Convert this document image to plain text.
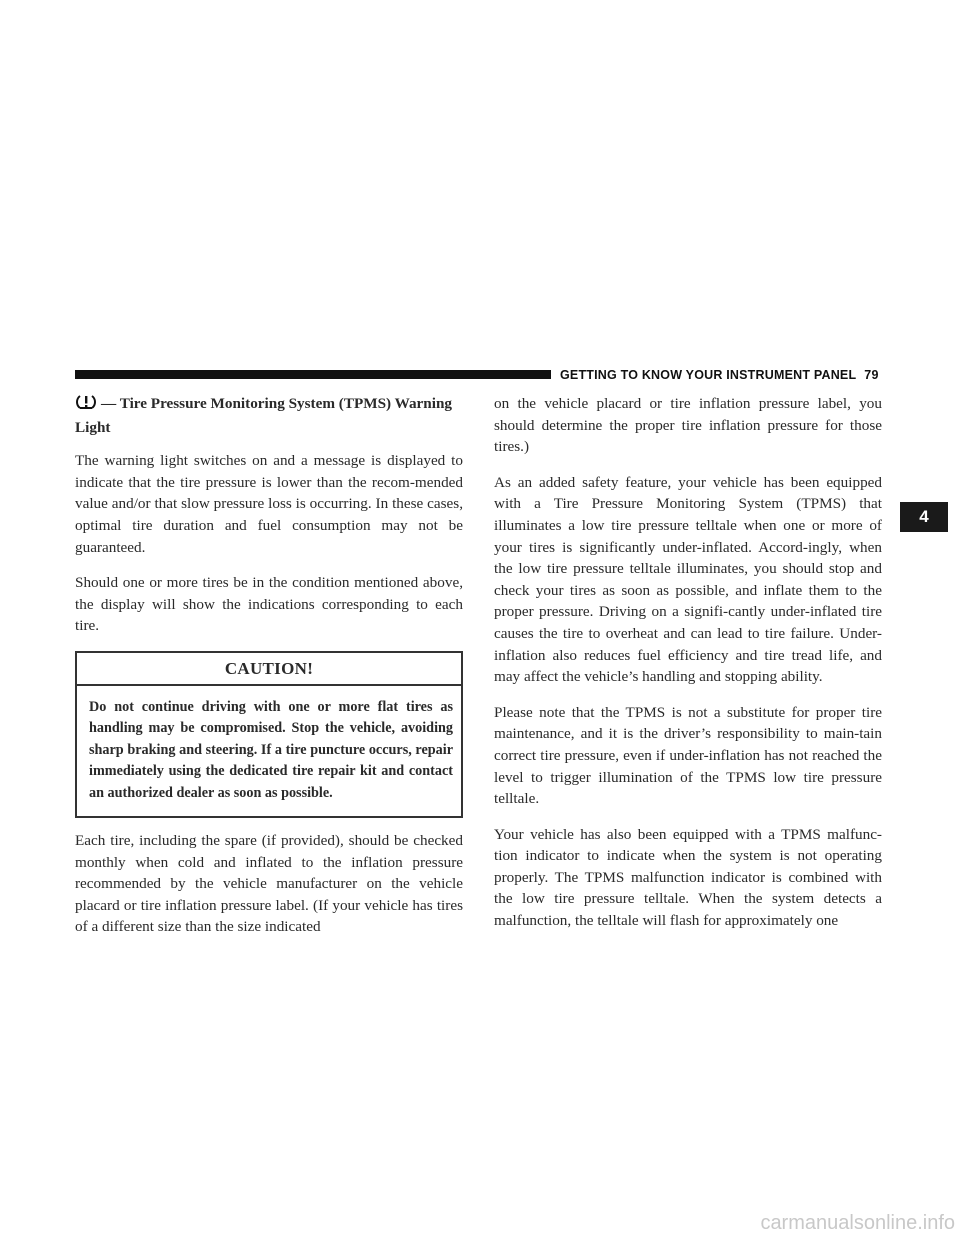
GETTING TO KNOW YOUR INSTRUMENT PANEL 79
4
— Tire Pressure Monitoring System (TPMS) Warning Light

The warning light switches on and a message is displayed to indicate that the tire pressure is lower than the recom-mended value and/or that slow pressure loss is occurring. In these cases, optimal tire duration and fuel consumption may not be guaranteed.

Should one or more tires be in the condition mentioned above, the display will show the indications corresponding to each tire.

CAUTION!
Do not continue driving with one or more flat tires as handling may be compromised. Stop the vehicle, avoiding sharp braking and steering. If a tire puncture occurs, repair immediately using the dedicated tire repair kit and contact an authorized dealer as soon as possible.

Each tire, including the spare (if provided), should be checked monthly when cold and inflated to the inflation pressure recommended by the vehicle manufacturer on the vehicle placard or tire inflation pressure label. (If your vehicle has tires of a different size than the size indicated

on the vehicle placard or tire inflation pressure label, you should determine the proper tire inflation pressure for those tires.)

As an added safety feature, your vehicle has been equipped with a Tire Pressure Monitoring System (TPMS) that illuminates a low tire pressure telltale when one or more of your tires is significantly under-inflated. Accord-ingly, when the low tire pressure telltale illuminates, you should stop and check your tires as soon as possible, and inflate them to the proper pressure. Driving on a signifi-cantly under-inflated tire causes the tire to overheat and can lead to tire failure. Under-inflation also reduces fuel efficiency and tire tread life, and may affect the vehicle’s handling and stopping ability.

Please note that the TPMS is not a substitute for proper tire maintenance, and it is the driver’s responsibility to main-tain correct tire pressure, even if under-inflation has not reached the level to trigger illumination of the TPMS low tire pressure telltale.

Your vehicle has also been equipped with a TPMS malfunc-tion indicator to indicate when the system is not operating properly. The TPMS malfunction indicator is combined with the low tire pressure telltale. When the system detects a malfunction, the telltale will flash for approximately one

carmanualsonline.info
